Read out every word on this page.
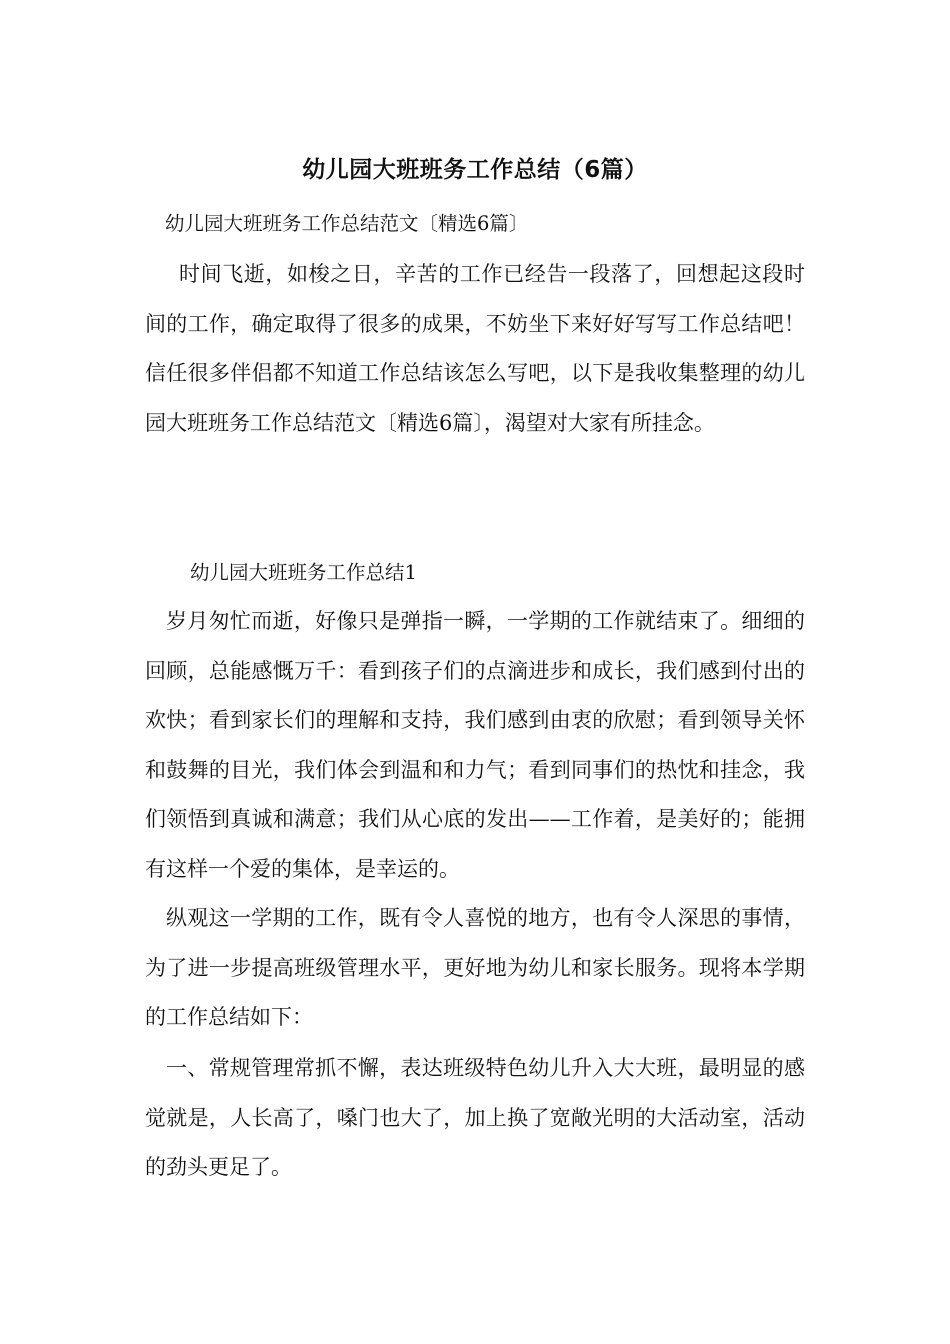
幼儿园大班班务工作总结（6篇）
幼儿园大班班务工作总结范文〔精选6篇〕

时间飞逝，如梭之日，辛苦的工作已经告一段落了，回想起这段时间的工作，确定取得了很多的成果，不妨坐下来好好写写工作总结吧！信任很多伴侣都不知道工作总结该怎么写吧，以下是我收集整理的幼儿园大班班务工作总结范文〔精选6篇〕，渴望对大家有所挂念。

幼儿园大班班务工作总结1

岁月匆忙而逝，好像只是弹指一瞬，一学期的工作就结束了。细细的回顾，总能感慨万千：看到孩子们的点滴进步和成长，我们感到付出的欢快；看到家长们的理解和支持，我们感到由衷的欣慰；看到领导关怀和鼓舞的目光，我们体会到温和和力气；看到同事们的热忱和挂念，我们领悟到真诚和满意；我们从心底的发出——工作着，是美好的；能拥有这样一个爱的集体，是幸运的。

纵观这一学期的工作，既有令人喜悦的地方，也有令人深思的事情，为了进一步提高班级管理水平，更好地为幼儿和家长服务。现将本学期的工作总结如下：

一、常规管理常抓不懈，表达班级特色幼儿升入大大班，最明显的感觉就是，人长高了，嗓门也大了，加上换了宽敞光明的大活动室，活动的劲头更足了。
